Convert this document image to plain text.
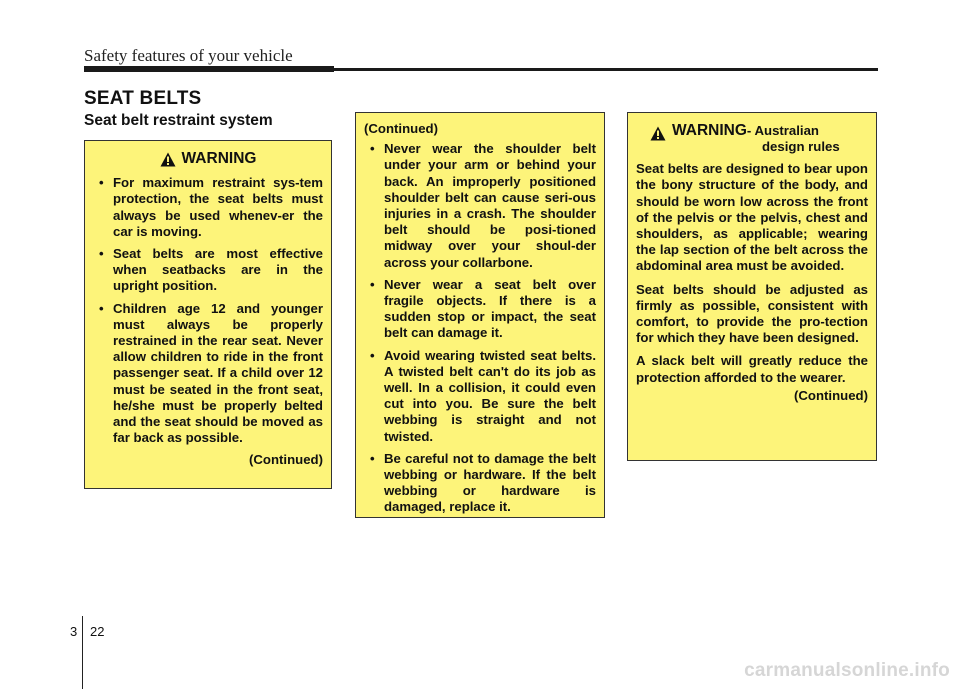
Safety features of your vehicle
SEAT BELTS
Seat belt restraint system
WARNING
• For maximum restraint sys-tem protection, the seat belts must always be used whenev-er the car is moving.
• Seat belts are most effective when seatbacks are in the upright position.
• Children age 12 and younger must always be properly restrained in the rear seat. Never allow children to ride in the front passenger seat. If a child over 12 must be seated in the front seat, he/she must be properly belted and the seat should be moved as far back as possible.
(Continued)
(Continued)
• Never wear the shoulder belt under your arm or behind your back. An improperly positioned shoulder belt can cause seri-ous injuries in a crash. The shoulder belt should be posi-tioned midway over your shoul-der across your collarbone.
• Never wear a seat belt over fragile objects. If there is a sudden stop or impact, the seat belt can damage it.
• Avoid wearing twisted seat belts. A twisted belt can't do its job as well. In a collision, it could even cut into you. Be sure the belt webbing is straight and not twisted.
• Be careful not to damage the belt webbing or hardware. If the belt webbing or hardware is damaged, replace it.
WARNING- Australian
design rules

Seat belts are designed to bear upon the bony structure of the body, and should be worn low across the front of the pelvis or the pelvis, chest and shoulders, as applicable; wearing the lap section of the belt across the abdominal area must be avoided.

Seat belts should be adjusted as firmly as possible, consistent with comfort, to provide the pro-tection for which they have been designed.

A slack belt will greatly reduce the protection afforded to the wearer.

(Continued)
3 22
carmanualsonline.info
